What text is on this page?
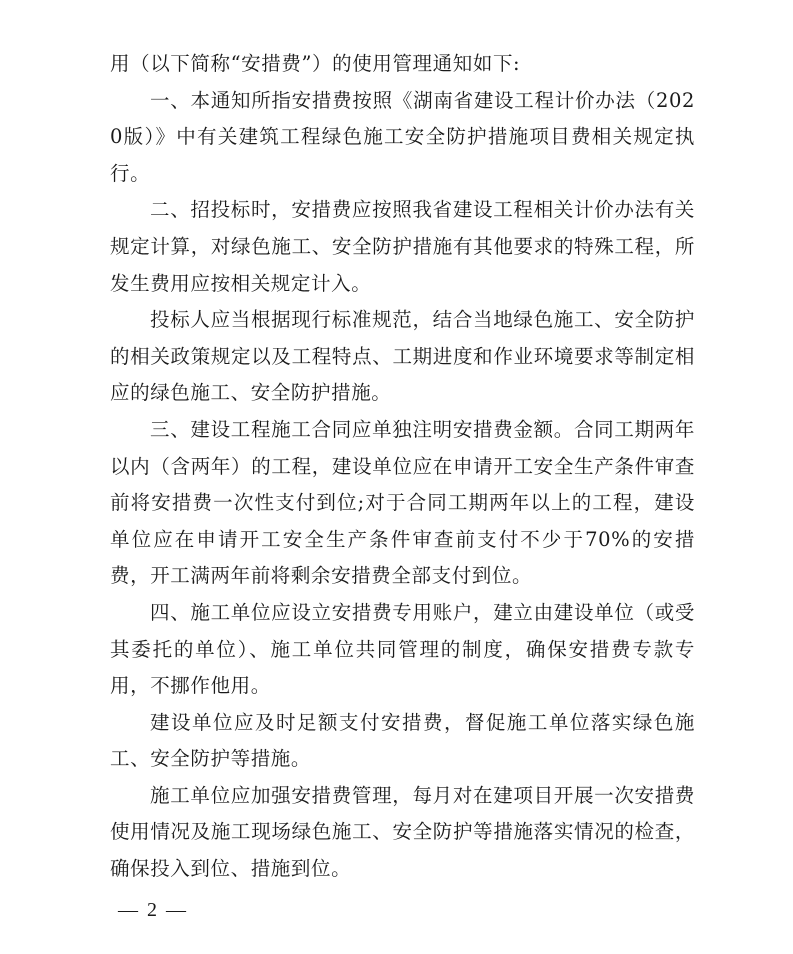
用（以下简称“安措费”）的使用管理通知如下:

一、本通知所指安措费按照《湖南省建设工程计价办法（2020版）》中有关建筑工程绿色施工安全防护措施项目费相关规定执行。

二、招投标时，安措费应按照我省建设工程相关计价办法有关规定计算，对绿色施工、安全防护措施有其他要求的特殊工程，所发生费用应按相关规定计入。

投标人应当根据现行标准规范，结合当地绿色施工、安全防护的相关政策规定以及工程特点、工期进度和作业环境要求等制定相应的绿色施工、安全防护措施。

三、建设工程施工合同应单独注明安措费金额。合同工期两年以内（含两年）的工程，建设单位应在申请开工安全生产条件审查前将安措费一次性支付到位;对于合同工期两年以上的工程，建设单位应在申请开工安全生产条件审查前支付不少于70%的安措费，开工满两年前将剩余安措费全部支付到位。

四、施工单位应设立安措费专用账户，建立由建设单位（或受其委托的单位）、施工单位共同管理的制度，确保安措费专款专用，不挪作他用。

建设单位应及时足额支付安措费，督促施工单位落实绿色施工、安全防护等措施。

施工单位应加强安措费管理，每月对在建项目开展一次安措费使用情况及施工现场绿色施工、安全防护等措施落实情况的检查，确保投入到位、措施到位。

— 2 —
